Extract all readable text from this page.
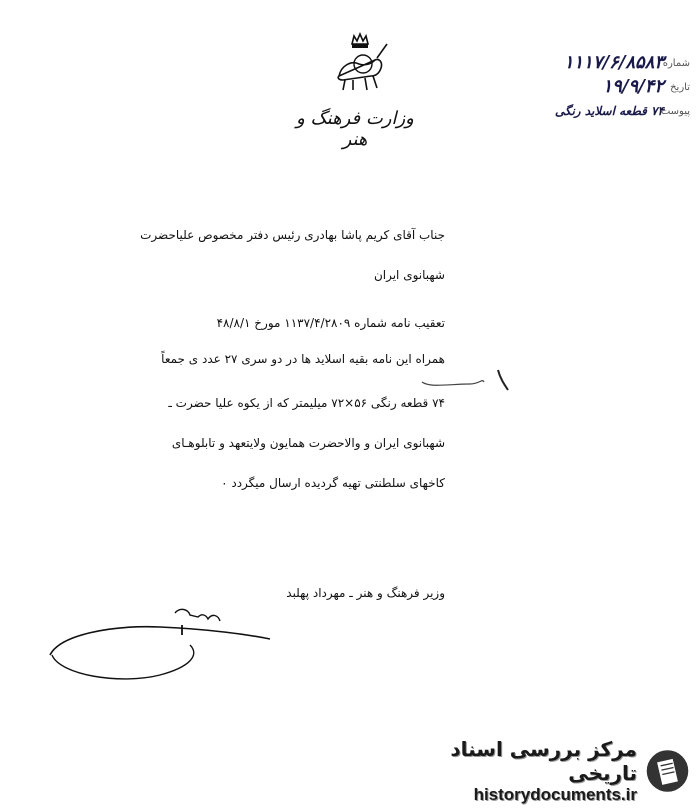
وزارت فرهنگ و هنر
شماره
۱۱۱۷/۶/۸۵۸۳
تاریخ
۱۹/۹/۴۲
پیوست
۷۴ قطعه اسلاید رنگی
جناب آقای کریم پاشا بهادری رئیس دفتر مخصوص علیاحضرت
شهبانوی ایران
تعقیب نامه شماره ۱۱۳۷/۴/۲۸۰۹ مورخ ۴۸/۸/۱
همراه این نامه بقیه اسلاید ها در دو سری ۲۷ عدد ی جمعاً
۷۴ قطعه رنگی ۵۶×۷۲ میلیمتر که از یکوه علیا حضرت ـ
شهبانوی ایران و والاحضرت همایون ولایتعهد و تابلوهـای
کاخهای سلطنتی تهیه گردیده ارسال میگردد ۰
وزیر فرهنگ و هنر ـ مهرداد پهلبد
مرکز بررسی اسناد تاریخی
historydocuments.ir
